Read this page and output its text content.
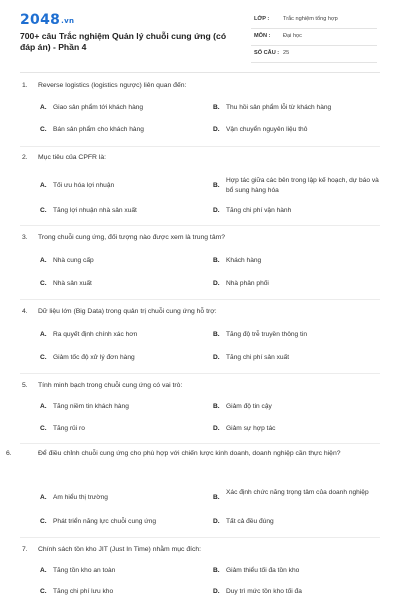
2048.vn
700+ câu Trắc nghiệm Quản lý chuỗi cung ứng (có đáp án) - Phần 4
LỚP : Trắc nghiệm tổng hợp
MÔN : Đại học
SỐ CÂU : 25
1. Reverse logistics (logistics ngược) liên quan đến:
A. Giao sản phẩm tới khách hàng	B. Thu hồi sản phẩm lỗi từ khách hàng
C. Bán sản phẩm cho khách hàng	D. Vận chuyển nguyên liệu thô
2. Mục tiêu của CPFR là:
A. Tối ưu hóa lợi nhuận	B.
Hợp tác giữa các bên trong lập kế hoạch, dự báo và bổ sung hàng hóa
C. Tăng lợi nhuận nhà sản xuất	D. Tăng chi phí vận hành
3. Trong chuỗi cung ứng, đối tượng nào được xem là trung tâm?
A. Nhà cung cấp	B. Khách hàng
C. Nhà sản xuất	D. Nhà phân phối
4. Dữ liệu lớn (Big Data) trong quản trị chuỗi cung ứng hỗ trợ:
A. Ra quyết định chính xác hơn	B. Tăng độ trễ truyền thông tin
C. Giảm tốc độ xử lý đơn hàng	D. Tăng chi phí sản xuất
5. Tính minh bạch trong chuỗi cung ứng có vai trò:
A. Tăng niềm tin khách hàng	B. Giảm độ tin cậy
C. Tăng rủi ro	D. Giảm sự hợp tác
6.	Để điều chỉnh chuỗi cung ứng cho phù hợp với chiến lược kinh doanh, doanh nghiệp cần thực hiện?
A. Am hiểu thị trường	B.
Xác định chức năng trọng tâm của doanh nghiệp
C. Phát triển năng lực chuỗi cung ứng	D. Tất cả đều đúng
7. Chính sách tồn kho JIT (Just In Time) nhằm mục đích:
A. Tăng tồn kho an toàn	B. Giảm thiểu tối đa tồn kho
C. Tăng chi phí lưu kho	D. Duy trì mức tồn kho tối đa
